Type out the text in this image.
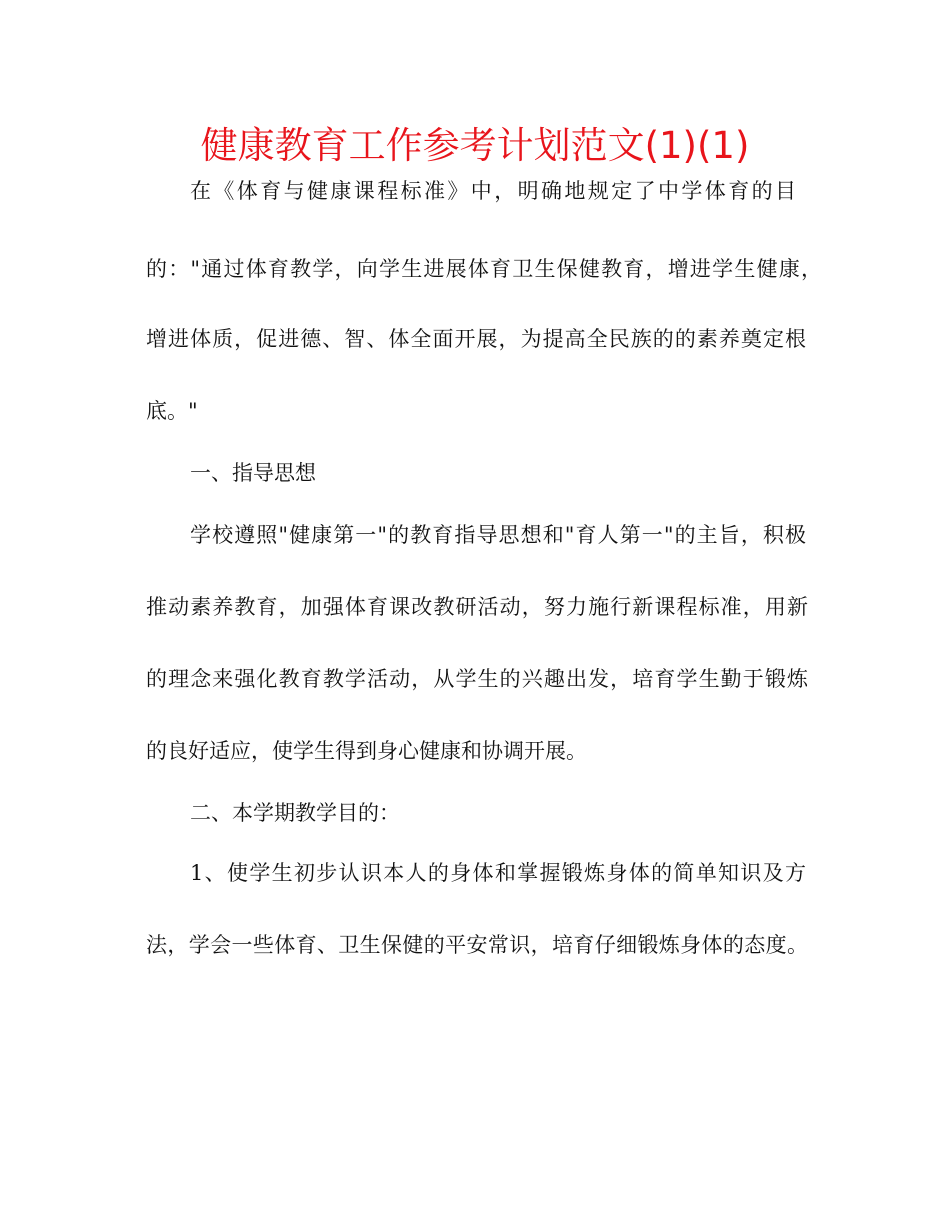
健康教育工作参考计划范文(1)(1)
在《体育与健康课程标准》中，明确地规定了中学体育的目
的："通过体育教学，向学生进展体育卫生保健教育，增进学生健康，
增进体质，促进德、智、体全面开展，为提高全民族的的素养奠定根
底。"
一、指导思想
学校遵照"健康第一"的教育指导思想和"育人第一"的主旨，积极
推动素养教育，加强体育课改教研活动，努力施行新课程标准，用新
的理念来强化教育教学活动，从学生的兴趣出发，培育学生勤于锻炼
的良好适应，使学生得到身心健康和协调开展。
二、本学期教学目的：
1、使学生初步认识本人的身体和掌握锻炼身体的简单知识及方
法，学会一些体育、卫生保健的平安常识，培育仔细锻炼身体的态度。
